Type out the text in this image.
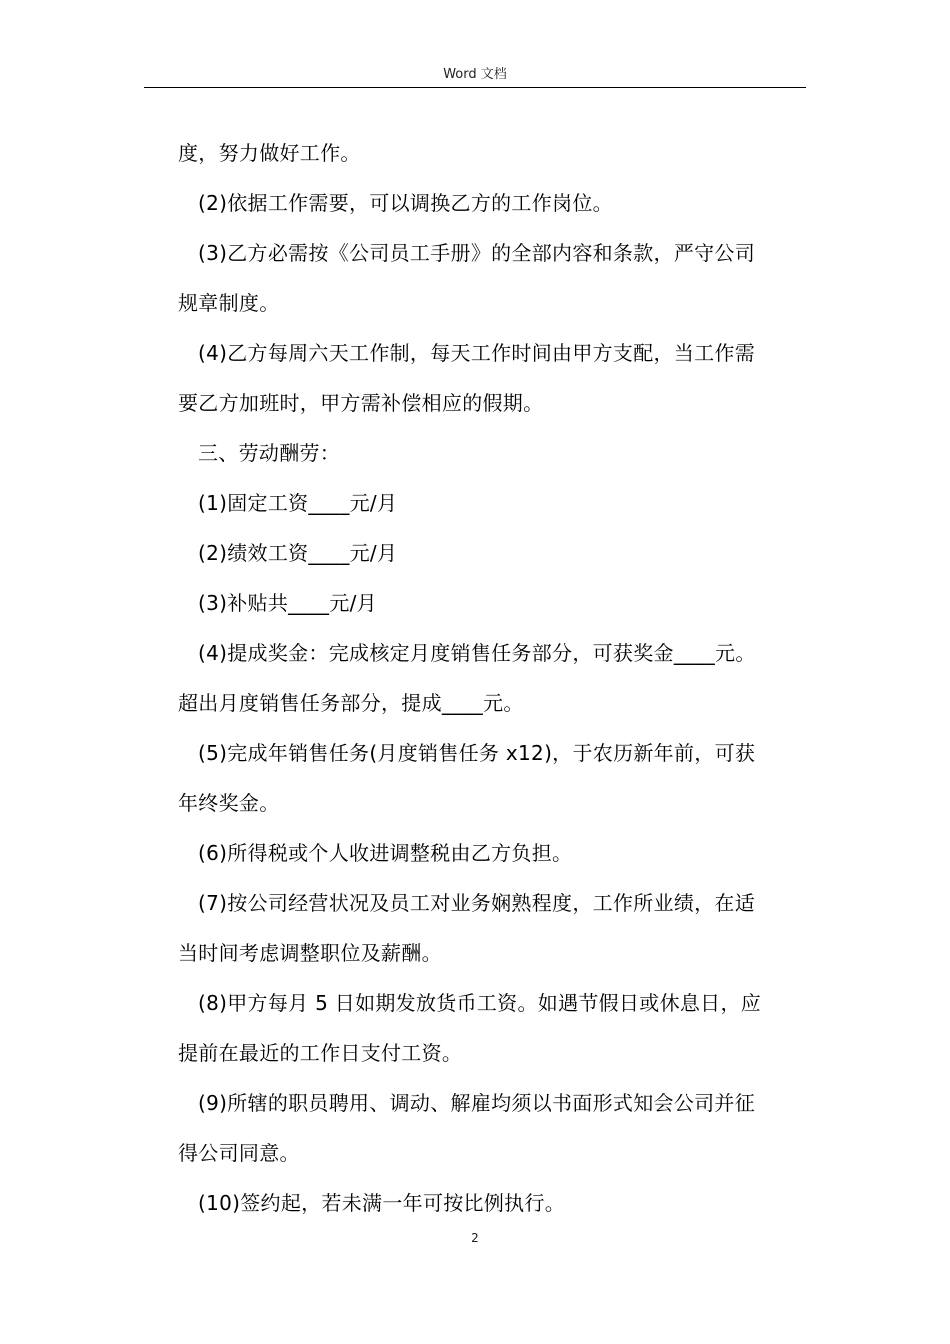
Word 文档
度，努力做好工作。
(2)依据工作需要，可以调换乙方的工作岗位。
(3)乙方必需按《公司员工手册》的全部内容和条款，严守公司
规章制度。
(4)乙方每周六天工作制，每天工作时间由甲方支配，当工作需
要乙方加班时，甲方需补偿相应的假期。
三、劳动酬劳：
(1)固定工资____元/月
(2)绩效工资____元/月
(3)补贴共____元/月
(4)提成奖金：完成核定月度销售任务部分，可获奖金____元。
超出月度销售任务部分，提成____元。
(5)完成年销售任务(月度销售任务 x12)，于农历新年前，可获
年终奖金。
(6)所得税或个人收进调整税由乙方负担。
(7)按公司经营状况及员工对业务娴熟程度，工作所业绩，在适
当时间考虑调整职位及薪酬。
(8)甲方每月 5 日如期发放货币工资。如遇节假日或休息日，应
提前在最近的工作日支付工资。
(9)所辖的职员聘用、调动、解雇均须以书面形式知会公司并征
得公司同意。
(10)签约起，若未满一年可按比例执行。
2
